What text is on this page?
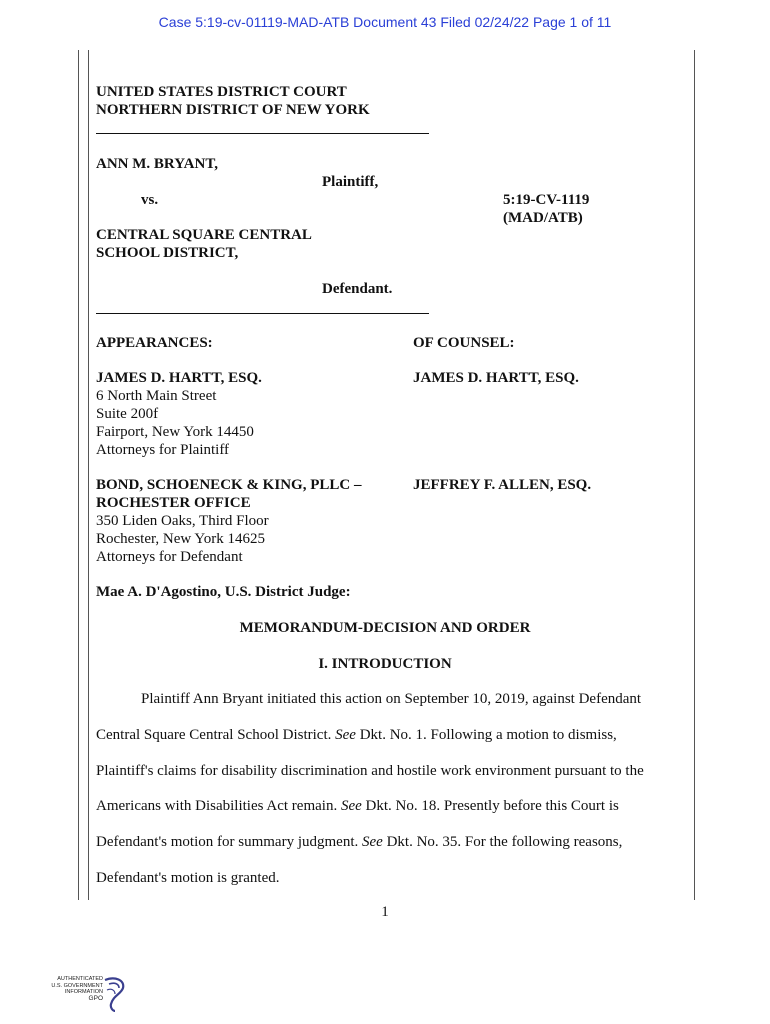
Case 5:19-cv-01119-MAD-ATB Document 43 Filed 02/24/22 Page 1 of 11
UNITED STATES DISTRICT COURT
NORTHERN DISTRICT OF NEW YORK
ANN M. BRYANT,
Plaintiff,
vs.	5:19-CV-1119
(MAD/ATB)
CENTRAL SQUARE CENTRAL
SCHOOL DISTRICT,
Defendant.
APPEARANCES:	OF COUNSEL:
JAMES D. HARTT, ESQ.
6 North Main Street
Suite 200f
Fairport, New York 14450
Attorneys for Plaintiff
JAMES D. HARTT, ESQ.
BOND, SCHOENECK & KING, PLLC –
ROCHESTER OFFICE
350 Liden Oaks, Third Floor
Rochester, New York 14625
Attorneys for Defendant
JEFFREY F. ALLEN, ESQ.
Mae A. D'Agostino, U.S. District Judge:
MEMORANDUM-DECISION AND ORDER
I. INTRODUCTION
Plaintiff Ann Bryant initiated this action on September 10, 2019, against Defendant
Central Square Central School District. See Dkt. No. 1. Following a motion to dismiss,
Plaintiff's claims for disability discrimination and hostile work environment pursuant to the
Americans with Disabilities Act remain. See Dkt. No. 18. Presently before this Court is
Defendant's motion for summary judgment. See Dkt. No. 35. For the following reasons,
Defendant's motion is granted.
1
AUTHENTICATED
U.S. GOVERNMENT
INFORMATION
GPO
